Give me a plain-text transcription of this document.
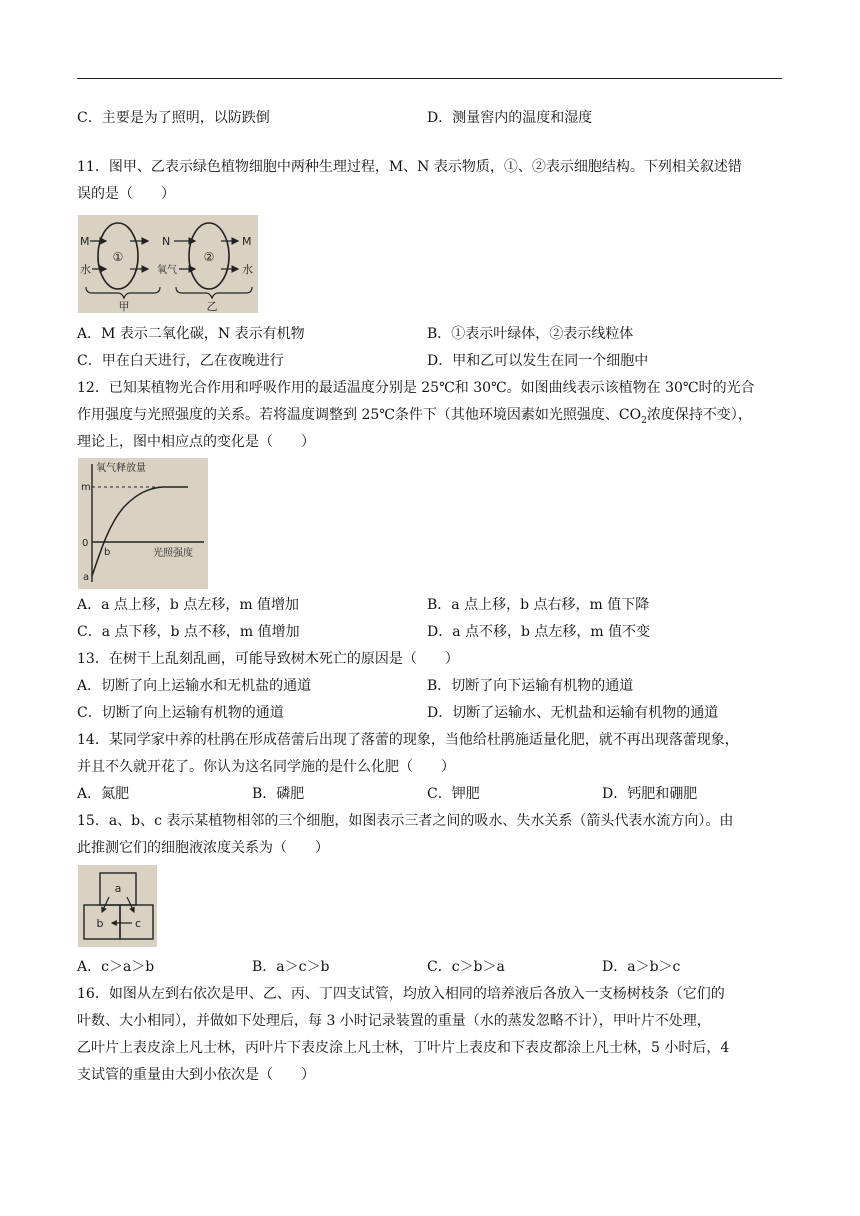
C．主要是为了照明，以防跌倒	D．测量窖内的温度和湿度
11．图甲、乙表示绿色植物细胞中两种生理过程，M、N 表示物质，①、②表示细胞结构。下列相关叙述错
误的是（　　）
①	②
M
水
N
氧气
M
水
甲	乙
A．M 表示二氧化碳，N 表示有机物	B．①表示叶绿体，②表示线粒体
C．甲在白天进行，乙在夜晚进行	D．甲和乙可以发生在同一个细胞中
12．已知某植物光合作用和呼吸作用的最适温度分别是 25℃和 30℃。如图曲线表示该植物在 30℃时的光合
作用强度与光照强度的关系。若将温度调整到 25℃条件下（其他环境因素如光照强度、$CO_2$浓度保持不变），
理论上，图中相应点的变化是（　　）
氧气释放量
光照强度
m
0
b
a
A．a 点上移，b 点左移，m 值增加	B．a 点上移，b 点右移，m 值下降
C．a 点下移，b 点不移，m 值增加	D．a 点不移，b 点左移，m 值不变
13．在树干上乱刻乱画，可能导致树木死亡的原因是（　　）
A．切断了向上运输水和无机盐的通道	B．切断了向下运输有机物的通道
C．切断了向上运输有机物的通道	D．切断了运输水、无机盐和运输有机物的通道
14．某同学家中养的杜鹃在形成蓓蕾后出现了落蕾的现象，当他给杜鹃施适量化肥，就不再出现落蕾现象，
并且不久就开花了。你认为这名同学施的是什么化肥（　　）
A．氮肥	B．磷肥	C．钾肥	D．钙肥和硼肥
15．a、b、c 表示某植物相邻的三个细胞，如图表示三者之间的吸水、失水关系（箭头代表水流方向）。由
此推测它们的细胞液浓度关系为（　　）
a
b	c
A．c＞a＞b	B．a＞c＞b	C．c＞b＞a	D．a＞b＞c
16．如图从左到右依次是甲、乙、丙、丁四支试管，均放入相同的培养液后各放入一支杨树枝条（它们的
叶数、大小相同），并做如下处理后，每 3 小时记录装置的重量（水的蒸发忽略不计），甲叶片不处理，
乙叶片上表皮涂上凡士林，丙叶片下表皮涂上凡士林，丁叶片上表皮和下表皮都涂上凡士林，5 小时后，4
支试管的重量由大到小依次是（　　）
